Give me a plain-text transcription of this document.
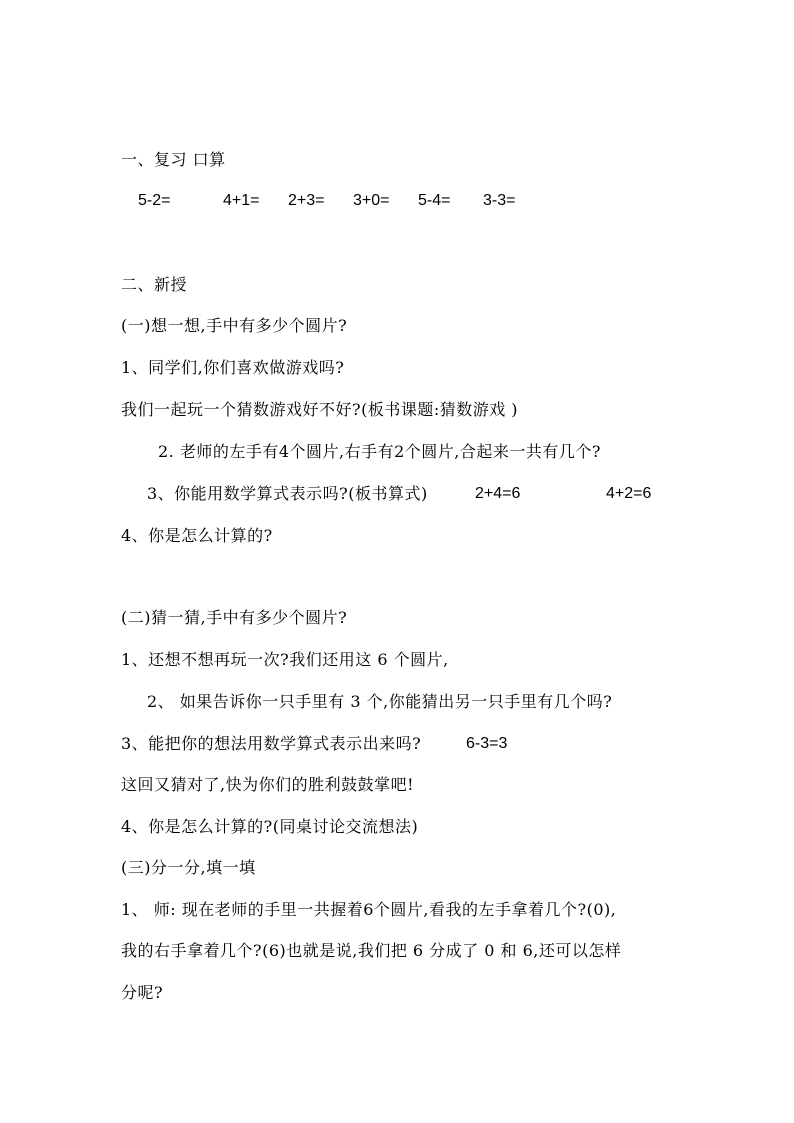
一、复习 口算
5-2=	4+1= 2+3= 3+0= 5-4= 3-3=
二、新授
(一)想一想,手中有多少个圆片?
1、同学们,你们喜欢做游戏吗?
我们一起玩一个猜数游戏好不好?(板书课题:猜数游戏 )
2. 老师的左手有4个圆片,右手有2个圆片,合起来一共有几个?
3、你能用数学算式表示吗?(板书算式)	2+4=6	4+2=6
4、你是怎么计算的?
(二)猜一猜,手中有多少个圆片?
1、还想不想再玩一次?我们还用这 6 个圆片,
2、 如果告诉你一只手里有 3 个,你能猜出另一只手里有几个吗?
3、能把你的想法用数学算式表示出来吗?	6-3=3
这回又猜对了,快为你们的胜利鼓鼓掌吧!
4、你是怎么计算的?(同桌讨论交流想法)
(三)分一分,填一填
1、 师: 现在老师的手里一共握着6个圆片,看我的左手拿着几个?(0),
我的右手拿着几个?(6)也就是说,我们把 6 分成了 0 和 6,还可以怎样
分呢?
